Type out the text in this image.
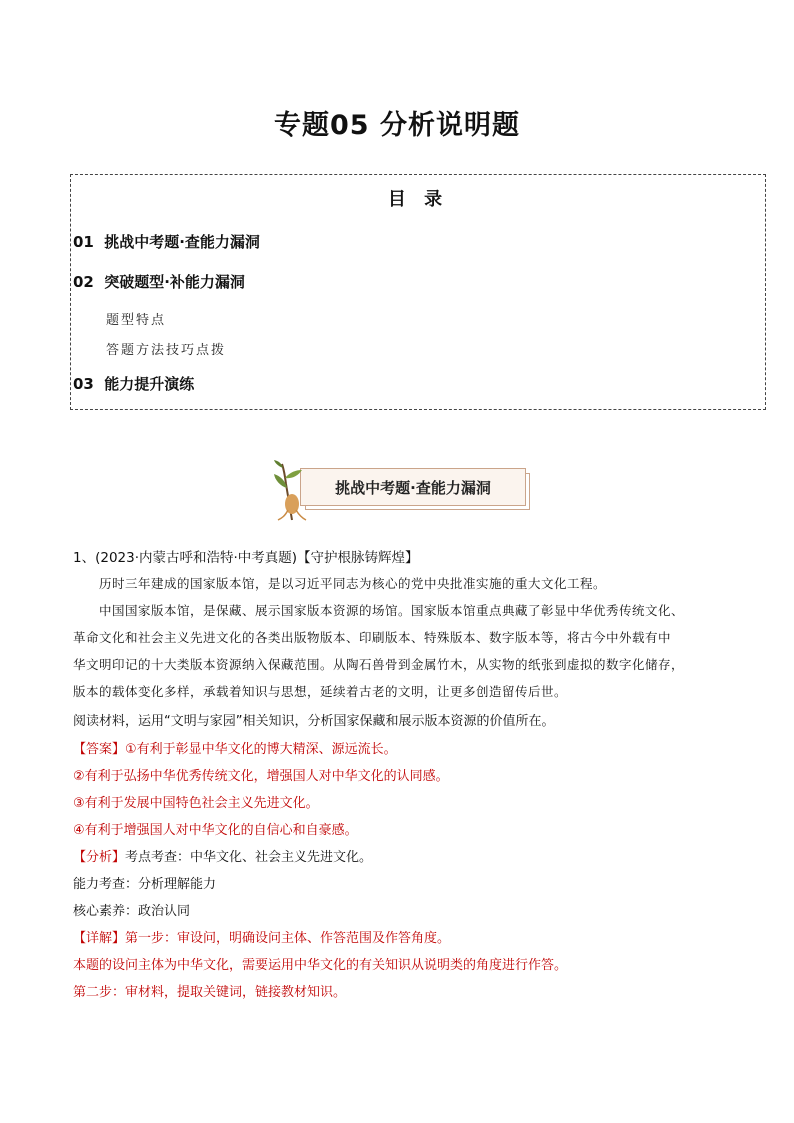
专题05 分析说明题
目 录
01 挑战中考题·查能力漏洞
02 突破题型·补能力漏洞
题型特点
答题方法技巧点拨
03 能力提升演练
挑战中考题·查能力漏洞
1、(2023·内蒙古呼和浩特·中考真题)【守护根脉铸辉煌】

历时三年建成的国家版本馆，是以习近平同志为核心的党中央批准实施的重大文化工程。

中国国家版本馆，是保藏、展示国家版本资源的场馆。国家版本馆重点典藏了彰显中华优秀传统文化、

革命文化和社会主义先进文化的各类出版物版本、印刷版本、特殊版本、数字版本等，将古今中外载有中

华文明印记的十大类版本资源纳入保藏范围。从陶石兽骨到金属竹木，从实物的纸张到虚拟的数字化储存，

版本的载体变化多样，承载着知识与思想，延续着古老的文明，让更多创造留传后世。

阅读材料，运用“文明与家园”相关知识，分析国家保藏和展示版本资源的价值所在。
【答案】①有利于彰显中华文化的博大精深、源远流长。
②有利于弘扬中华优秀传统文化，增强国人对中华文化的认同感。
③有利于发展中国特色社会主义先进文化。
④有利于增强国人对中华文化的自信心和自豪感。
【分析】考点考查：中华文化、社会主义先进文化。
能力考查：分析理解能力
核心素养：政治认同
【详解】第一步：审设问，明确设问主体、作答范围及作答角度。
本题的设问主体为中华文化，需要运用中华文化的有关知识从说明类的角度进行作答。
第二步：审材料，提取关键词，链接教材知识。
